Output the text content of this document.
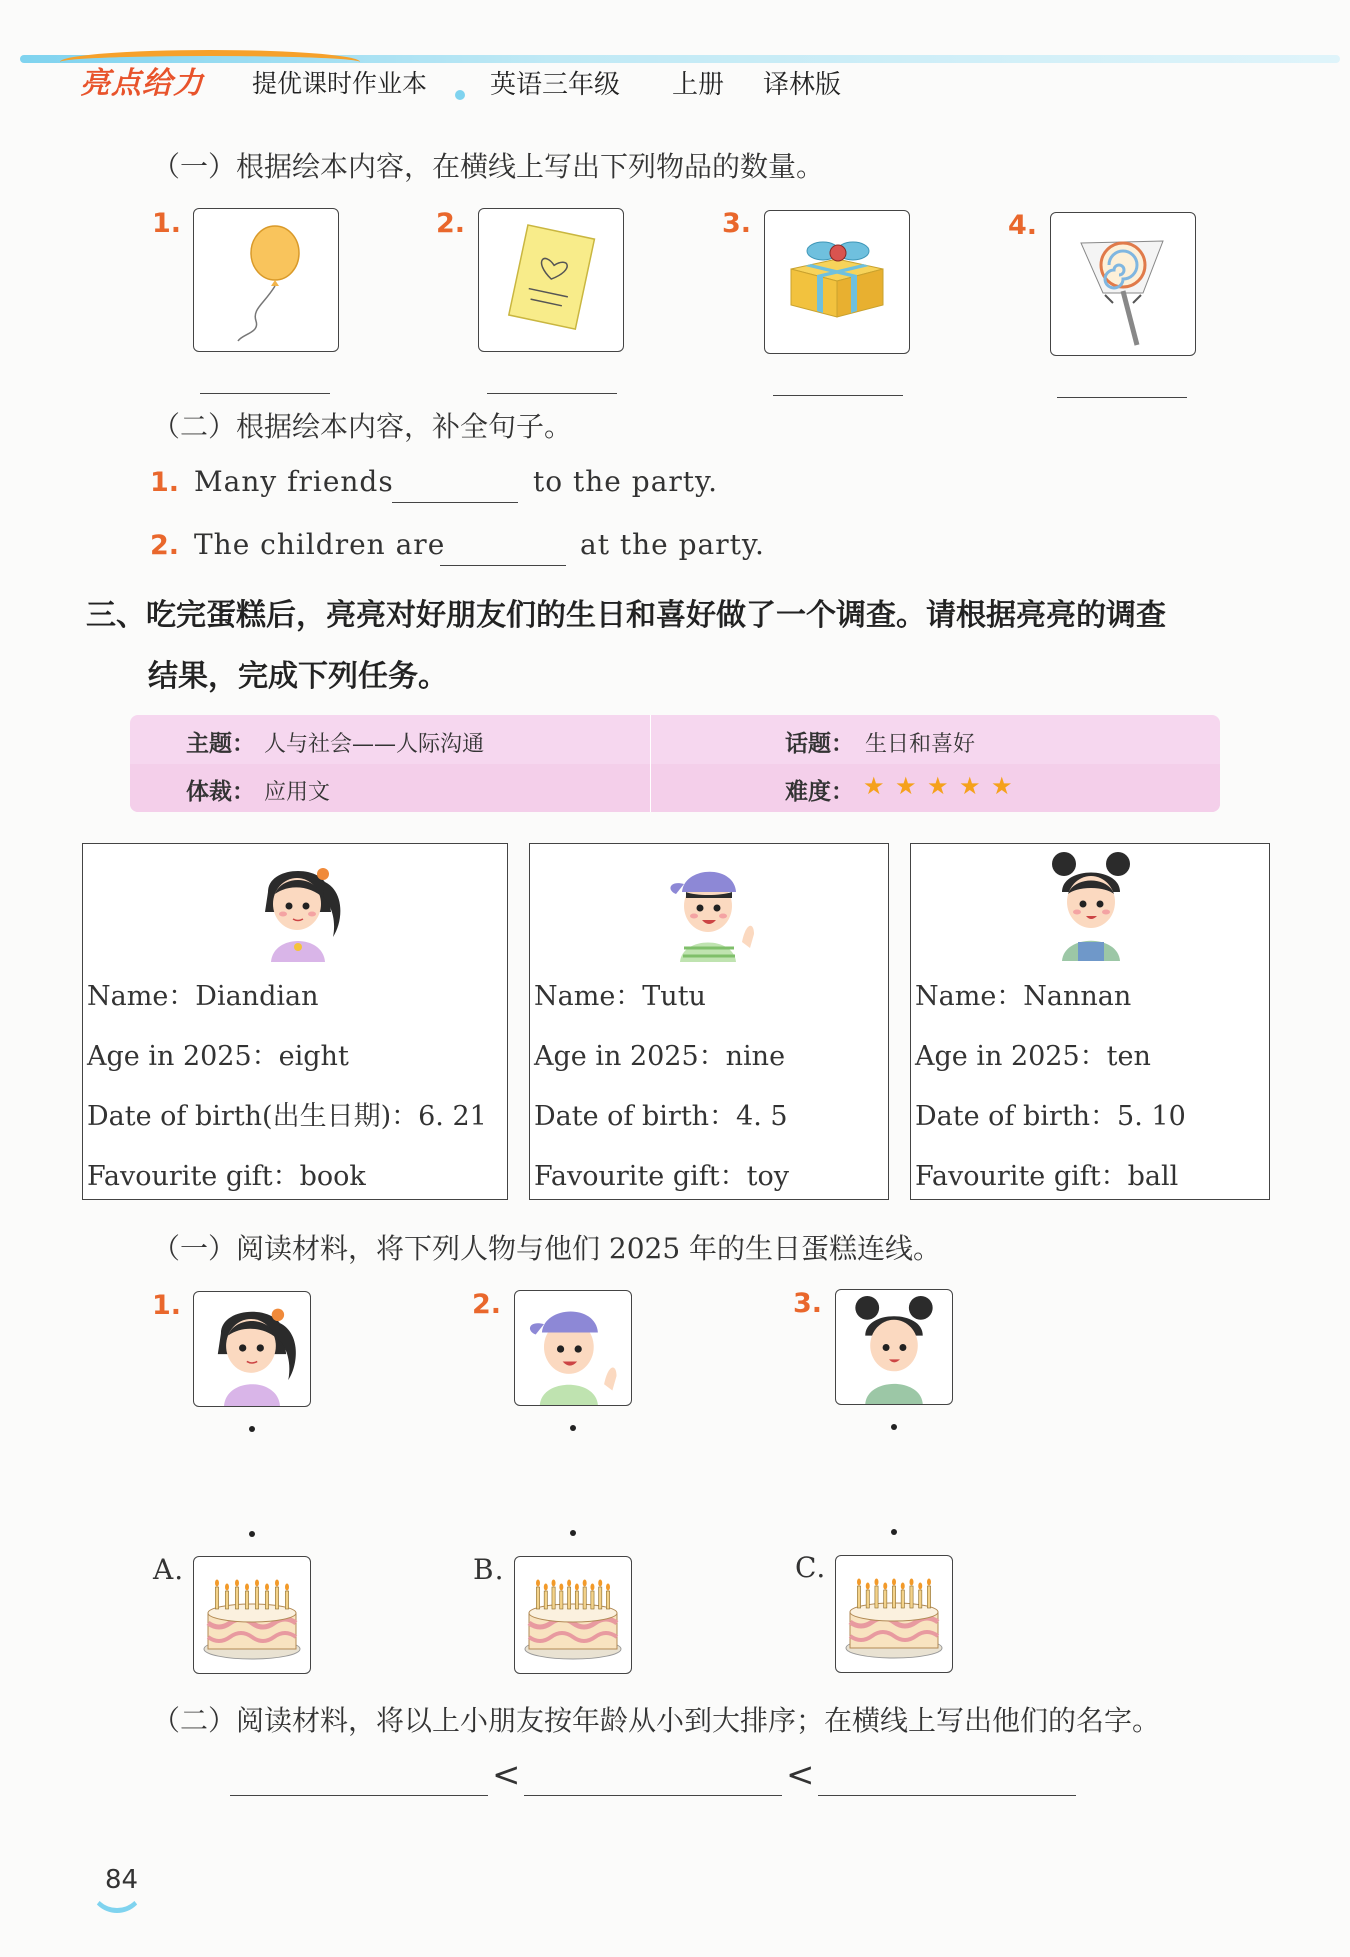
亮点给力 提优课时作业本 英语三年级 上册 译林版
（一）根据绘本内容，在横线上写出下列物品的数量。
1.	2.	3.	4.
（二）根据绘本内容，补全句子。
1. Many friends	to the party.
2. The children are	at the party.
三、吃完蛋糕后，亮亮对好朋友们的生日和喜好做了一个调查。请根据亮亮的调查
结果，完成下列任务。
主题： 人与社会——人际沟通	话题： 生日和喜好
体裁： 应用文	难度： ★ ★ ★ ★ ★
Name：Diandian
Age in 2025：eight
Date of birth(出生日期)：6. 21
Favourite gift：book
Name：Tutu
Age in 2025：nine
Date of birth：4. 5
Favourite gift：toy
Name：Nannan
Age in 2025：ten
Date of birth：5. 10
Favourite gift：ball
（一）阅读材料，将下列人物与他们 2025 年的生日蛋糕连线。
1.	2.	3.
A.	B.	C.
（二）阅读材料，将以上小朋友按年龄从小到大排序；在横线上写出他们的名字。
<	<
84
